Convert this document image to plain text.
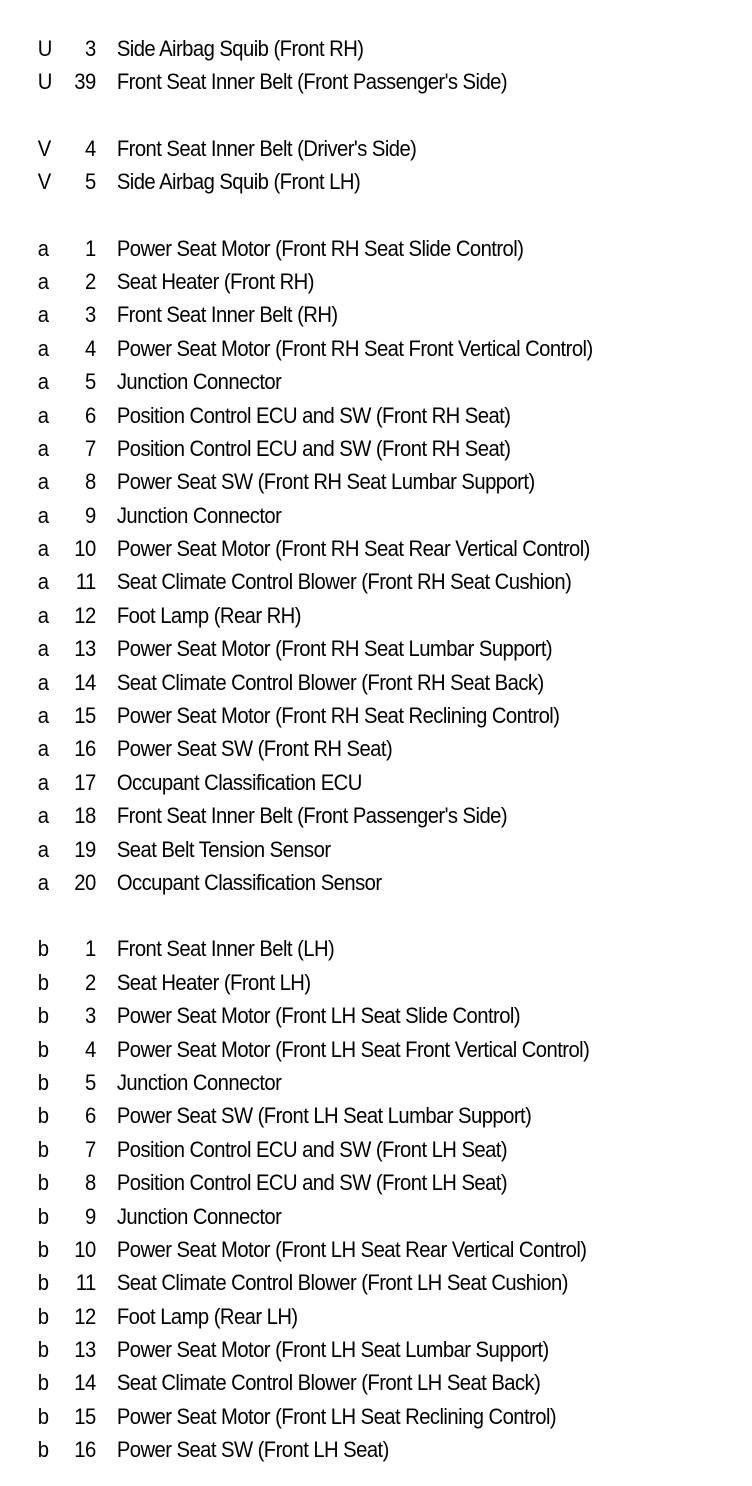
U	3 Side Airbag Squib (Front RH)
U	39 Front Seat Inner Belt (Front Passenger's Side)
V	4 Front Seat Inner Belt (Driver's Side)
V	5 Side Airbag Squib (Front LH)
a	1 Power Seat Motor (Front RH Seat Slide Control)
a	2 Seat Heater (Front RH)
a	3 Front Seat Inner Belt (RH)
a	4 Power Seat Motor (Front RH Seat Front Vertical Control)
a	5 Junction Connector
a	6 Position Control ECU and SW (Front RH Seat)
a	7 Position Control ECU and SW (Front RH Seat)
a	8 Power Seat SW (Front RH Seat Lumbar Support)
a	9 Junction Connector
a	10 Power Seat Motor (Front RH Seat Rear Vertical Control)
a	11 Seat Climate Control Blower (Front RH Seat Cushion)
a	12 Foot Lamp (Rear RH)
a	13 Power Seat Motor (Front RH Seat Lumbar Support)
a	14 Seat Climate Control Blower (Front RH Seat Back)
a	15 Power Seat Motor (Front RH Seat Reclining Control)
a	16 Power Seat SW (Front RH Seat)
a	17 Occupant Classification ECU
a	18 Front Seat Inner Belt (Front Passenger's Side)
a	19 Seat Belt Tension Sensor
a	20 Occupant Classification Sensor
b	1 Front Seat Inner Belt (LH)
b	2 Seat Heater (Front LH)
b	3 Power Seat Motor (Front LH Seat Slide Control)
b	4 Power Seat Motor (Front LH Seat Front Vertical Control)
b	5 Junction Connector
b	6 Power Seat SW (Front LH Seat Lumbar Support)
b	7 Position Control ECU and SW (Front LH Seat)
b	8 Position Control ECU and SW (Front LH Seat)
b	9 Junction Connector
b	10 Power Seat Motor (Front LH Seat Rear Vertical Control)
b	11 Seat Climate Control Blower (Front LH Seat Cushion)
b	12 Foot Lamp (Rear LH)
b	13 Power Seat Motor (Front LH Seat Lumbar Support)
b	14 Seat Climate Control Blower (Front LH Seat Back)
b	15 Power Seat Motor (Front LH Seat Reclining Control)
b	16 Power Seat SW (Front LH Seat)
